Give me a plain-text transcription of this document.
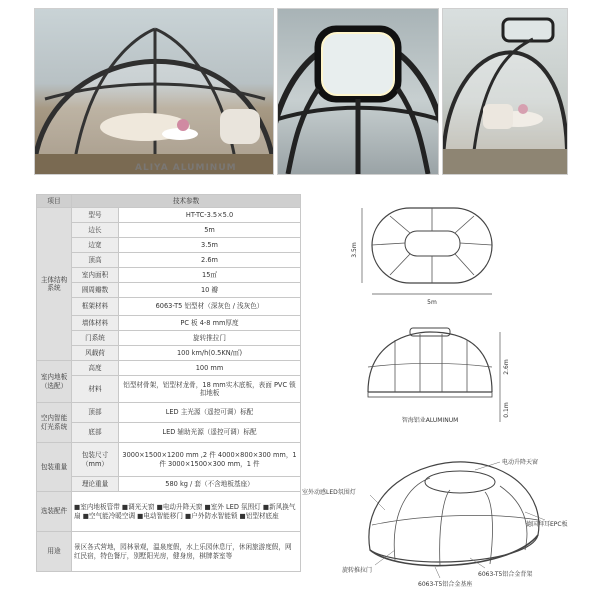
ALIYA ALUMINUM
项目	技术参数	
主体结构系统	型号	HT-TC-3.5×5.0
	边长	5m
	边宽	3.5m
	顶高	2.6m
	室内面积	15㎡
	圆周瓣数	10 瓣
	框架材料	6063-T5 铝型材（深灰色 / 浅灰色）
	墙体材料	PC 板 4-8 mm厚度
	门系统	旋转推拉门
	风载荷	100 km/h(0.5KN/㎡)
室内地板（选配）	高度	100 mm
	材料	铝型材骨架，铝型材龙骨，18 mm实木底板，表面 PVC 锁扣地板
空内智能灯光系统	顶部	LED 主光源（遥控可调）标配
	底部	LED 辅助光源（遥控可调）标配
包装重量	包装尺寸（mm）	3000×1500×1200 mm ,2 件 4000×800×300 mm，1 件 3000×1500×300 mm，1 件
	理论重量	580 kg / 套（不含地板基座）
选装配件	■室内地板管带 ■调光天窗 ■电动升降天窗 ■室外 LED 氛围灯 ■新风换气扇 ■空气能冷暖空调 ■电动智能移门 ■户外防水智能锁 ■铝型材底座	
用途	景区各式营地，园林景观，温泉度假，水上乐园休息厅，休闲旅游度假，网红民宿，特色餐厅，别墅阳光房，健身房，棋牌茶室等	
3.5m
5m
2.6m
0.1m
智海铝业ALUMINUM
电动升降天窗
室外动感LED氛围灯
德国拜耳EPC板
旋转推拉门
6063-T5铝合金背架
6063-T5铝合金基座
